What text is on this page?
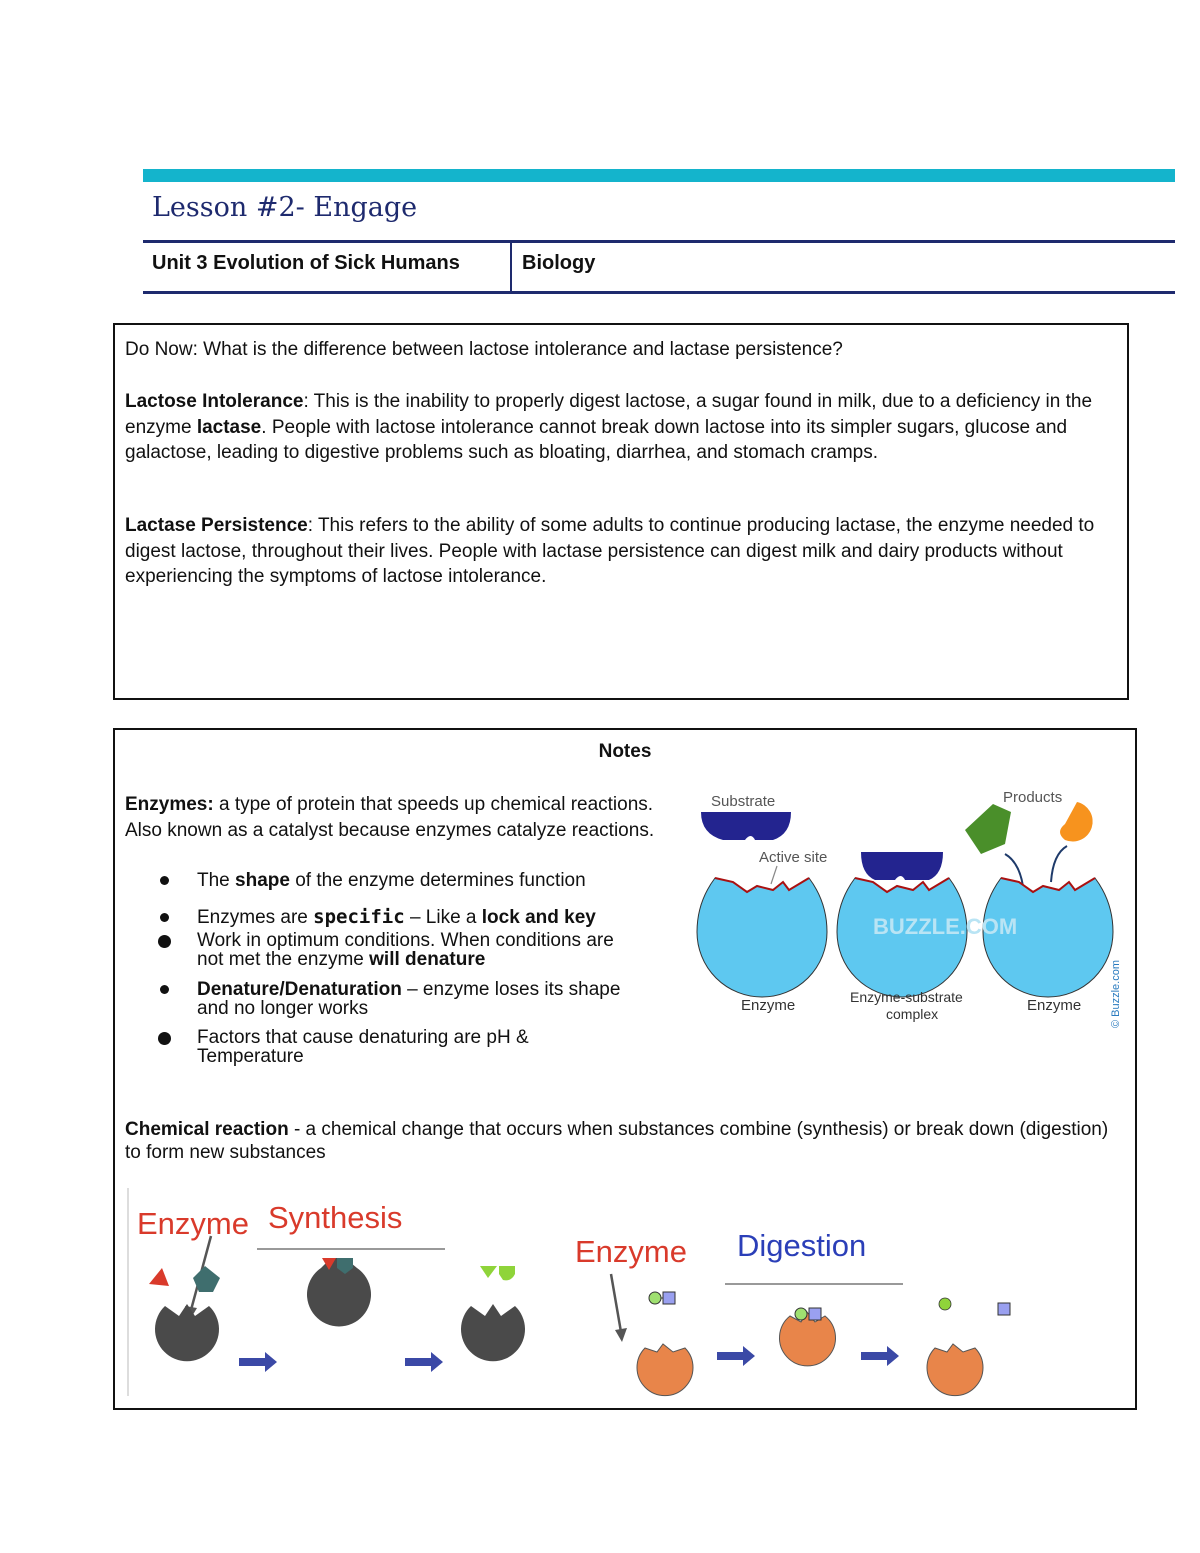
Lesson #2- Engage
Unit 3 Evolution of Sick Humans	Biology
Do Now: What is the difference between lactose intolerance and lactase persistence?
Lactose Intolerance: This is the inability to properly digest lactose, a sugar found in milk, due to a deficiency in the enzyme lactase. People with lactose intolerance cannot break down lactose into its simpler sugars, glucose and galactose, leading to digestive problems such as bloating, diarrhea, and stomach cramps.
Lactase Persistence: This refers to the ability of some adults to continue producing lactase, the enzyme needed to digest lactose, throughout their lives. People with lactase persistence can digest milk and dairy products without experiencing the symptoms of lactose intolerance.
Notes
Enzymes: a type of protein that speeds up chemical reactions. Also known as a catalyst because enzymes catalyze reactions.
The shape of the enzyme determines function
Enzymes are specific – Like a lock and key
Work in optimum conditions. When conditions are
not met the enzyme will denature
Denature/Denaturation – enzyme loses its shape
and no longer works
Factors that cause denaturing are pH &
Temperature
Substrate
Active site
Products
BUZZLE.COM
Enzyme	Enzyme-substrate
complex	Enzyme	© Buzzle.com
Chemical reaction - a chemical change that occurs when substances combine (synthesis) or break down (digestion) to form new substances
Enzyme Synthesis
Enzyme Digestion
